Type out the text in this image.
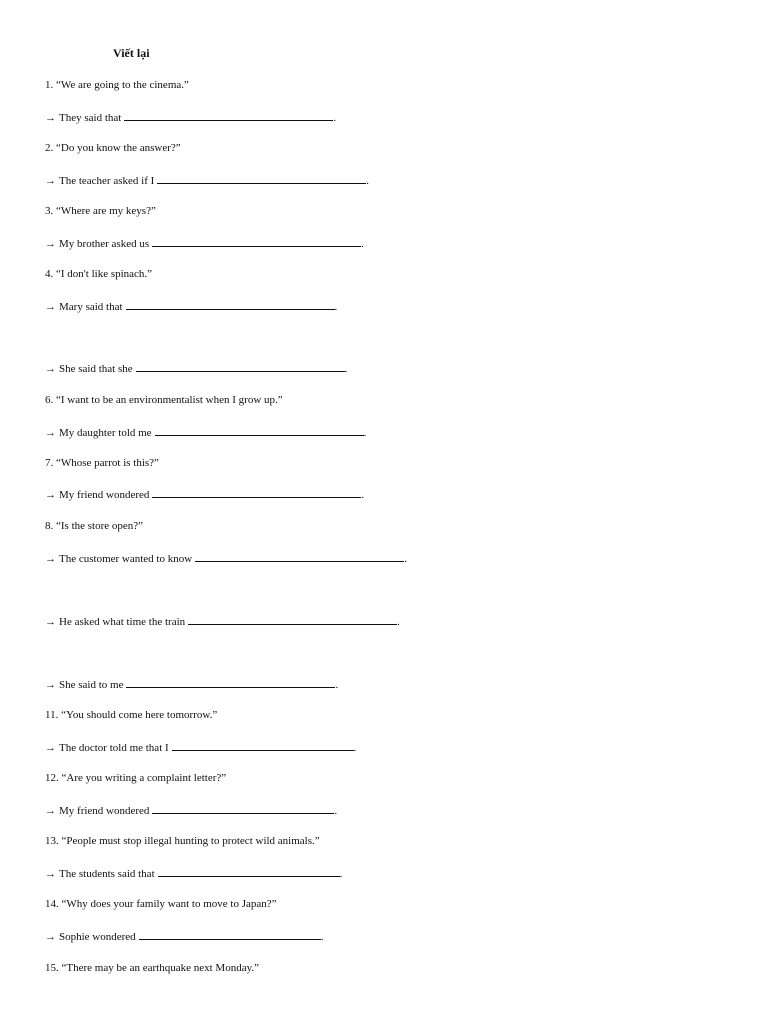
Viết lại
1. “We are going to the cinema.”
→ They said that	.
2. “Do you know the answer?”
→ The teacher asked if I	.
3. “Where are my keys?”
→ My brother asked us	.
4. “I don't like spinach.”
→ Mary said that	.
→ She said that she	.
6. “I want to be an environmentalist when I grow up.”
→ My daughter told me	.
7. “Whose parrot is this?”
→ My friend wondered	.
8. “Is the store open?”
→ The customer wanted to know	.
→ He asked what time the train	.
→ She said to me	.
11. “You should come here tomorrow.”
→ The doctor told me that I	.
12. “Are you writing a complaint letter?”
→ My friend wondered	.
13. “People must stop illegal hunting to protect wild animals.”
→ The students said that	.
14. “Why does your family want to move to Japan?”
→ Sophie wondered	.
15. “There may be an earthquake next Monday.”
